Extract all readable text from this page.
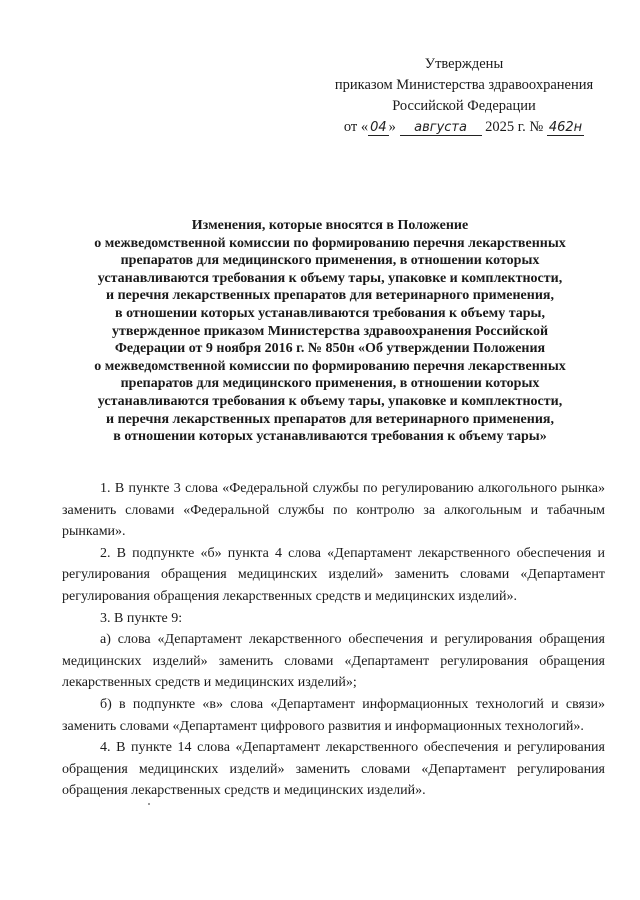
Утверждены
приказом Министерства здравоохранения
Российской Федерации
от « 04 » августа 2025 г. № 462н
Изменения, которые вносятся в Положение
о межведомственной комиссии по формированию перечня лекарственных
препаратов для медицинского применения, в отношении которых
устанавливаются требования к объему тары, упаковке и комплектности,
и перечня лекарственных препаратов для ветеринарного применения,
в отношении которых устанавливаются требования к объему тары,
утвержденное приказом Министерства здравоохранения Российской
Федерации от 9 ноября 2016 г. № 850н «Об утверждении Положения
о межведомственной комиссии по формированию перечня лекарственных
препаратов для медицинского применения, в отношении которых
устанавливаются требования к объему тары, упаковке и комплектности,
и перечня лекарственных препаратов для ветеринарного применения,
в отношении которых устанавливаются требования к объему тары»

1. В пункте 3 слова «Федеральной службы по регулированию алкогольного рынка» заменить словами «Федеральной службы по контролю за алкогольным и табачным рынками».

2. В подпункте «б» пункта 4 слова «Департамент лекарственного обеспечения и регулирования обращения медицинских изделий» заменить словами «Департамент регулирования обращения лекарственных средств и медицинских изделий».

3. В пункте 9:

а) слова «Департамент лекарственного обеспечения и регулирования обращения медицинских изделий» заменить словами «Департамент регулирования обращения лекарственных средств и медицинских изделий»;

б) в подпункте «в» слова «Департамент информационных технологий и связи» заменить словами «Департамент цифрового развития и информационных технологий».

4. В пункте 14 слова «Департамент лекарственного обеспечения и регулирования обращения медицинских изделий» заменить словами «Департамент регулирования обращения лекарственных средств и медицинских изделий».
